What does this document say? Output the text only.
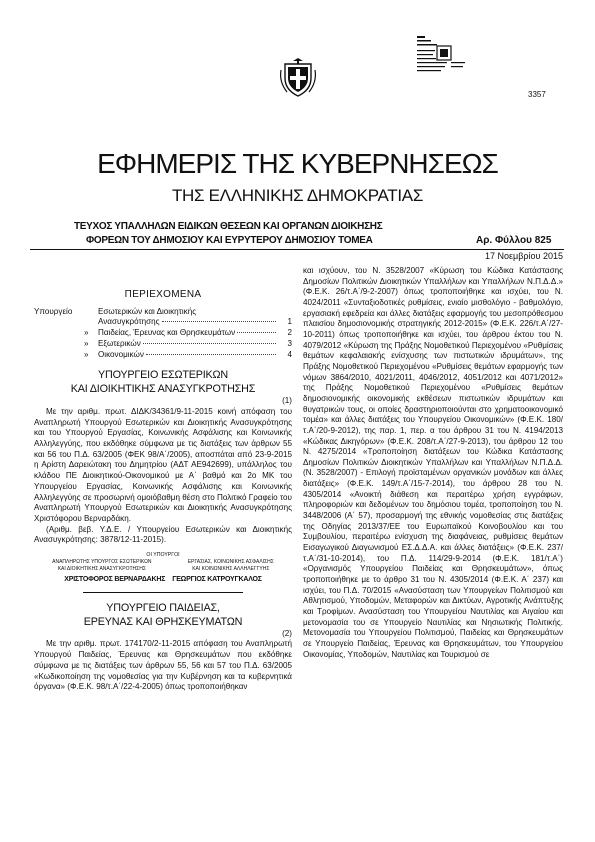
3357
ΕΦΗΜΕΡΙΣ ΤΗΣ ΚΥΒΕΡΝΗΣΕΩΣ
ΤΗΣ ΕΛΛΗΝΙΚΗΣ ΔΗΜΟΚΡΑΤΙΑΣ
ΤΕΥΧΟΣ ΥΠΑΛΛΗΛΩΝ ΕΙΔΙΚΩΝ ΘΕΣΕΩΝ ΚΑΙ ΟΡΓΑΝΩΝ ΔΙΟΙΚΗΣΗΣ
ΦΟΡΕΩΝ ΤΟΥ ΔΗΜΟΣΙΟΥ ΚΑΙ ΕΥΡΥΤΕΡΟΥ ΔΗΜΟΣΙΟΥ ΤΟΜΕΑ	Αρ. Φύλλου 825
17 Νοεμβρίου 2015
ΠΕΡΙΕΧΟΜΕΝΑ
Υπουργείο	Εσωτερικών και Διοικητικής
Ανασυγκρότησης	1
»	Παιδείας, Έρευνας και Θρησκευμάτων	2
»	Εξωτερικών	3
»	Οικονομικών	4
ΥΠΟΥΡΓΕΙΟ ΕΣΩΤΕΡΙΚΩΝ
ΚΑΙ ΔΙΟΙΚΗΤΙΚΗΣ ΑΝΑΣΥΓΚΡΟΤΗΣΗΣ
(1)
Με την αριθμ. πρωτ. ΔΙΔΚ/34361/9-11-2015 κοινή απόφαση του Αναπληρωτή Υπουργού Εσωτερικών και Διοικητικής Ανασυγκρότησης και του Υπουργού Εργασίας, Κοινωνικής Ασφάλισης και Κοινωνικής Αλληλεγγύης, που εκδόθηκε σύμφωνα με τις διατάξεις των άρθρων 55 και 56 του Π.Δ. 63/2005 (ΦΕΚ 98/Α΄/2005), αποσπάται από 23-9-2015 η Αρίστη Δαρειώτακη του Δημητρίου (ΑΔΤ ΑΕ942699), υπάλληλος του κλάδου ΠΕ Διοικητικού-Οικονομικού με Α΄ βαθμό και 2ο ΜΚ του Υπουργείου Εργασίας, Κοινωνικής Ασφάλισης και Κοινωνικής Αλληλεγγύης σε προσωρινή ομοιόβαθμη θέση στο Πολιτικό Γραφείο του Αναπληρωτή Υπουργού Εσωτερικών και Διοικητικής Ανασυγκρότησης Χριστόφορου Βερναρδάκη.
(Αριθμ. βεβ. Υ.Δ.Ε. / Υπουργείου Εσωτερικών και Διοικητικής Ανασυγκρότησης: 3878/12-11-2015).
ΟΙ ΥΠΟΥΡΓΟΙ
ΑΝΑΠΛΗΡΩΤΗΣ ΥΠΟΥΡΓΟΣ ΕΣΩΤΕΡΙΚΩΝ
ΚΑΙ ΔΙΟΙΚΗΤΙΚΗΣ ΑΝΑΣΥΓΚΡΟΤΗΣΗΣ
ΕΡΓΑΣΙΑΣ, ΚΟΙΝΩΝΙΚΗΣ ΑΣΦΑΛΙΣΗΣ
ΚΑΙ ΚΟΙΝΩΝΙΚΗΣ ΑΛΛΗΛΕΓΓΥΗΣ
ΧΡΙΣΤΟΦΟΡΟΣ ΒΕΡΝΑΡΔΑΚΗΣ    ΓΕΩΡΓΙΟΣ ΚΑΤΡΟΥΓΚΑΛΟΣ
ΥΠΟΥΡΓΕΙΟ ΠΑΙΔΕΙΑΣ,
ΕΡΕΥΝΑΣ ΚΑΙ ΘΡΗΣΚΕΥΜΑΤΩΝ
(2)
Με την αριθμ. πρωτ. 174170/2-11-2015 απόφαση του Αναπληρωτή Υπουργού Παιδείας, Έρευνας και Θρησκευμάτων που εκδόθηκε σύμφωνα με τις διατάξεις των άρθρων 55, 56 και 57 του Π.Δ. 63/2005 «Κωδικοποίηση της νομοθεσίας για την Κυβέρνηση και τα κυβερνητικά όργανα» (Φ.Ε.Κ. 98/τ.Α΄/22-4-2005) όπως τροποποιήθηκαν
και ισχύουν, του Ν. 3528/2007 «Κύρωση του Κώδικα Κατάστασης Δημοσίων Πολιτικών Διοικητικών Υπαλλήλων και Υπαλλήλων Ν.Π.Δ.Δ.» (Φ.Ε.Κ. 26/τ.Α΄/9-2-2007) όπως τροποποιήθηκε και ισχύει, του Ν. 4024/2011 «Συνταξιοδοτικές ρυθμίσεις, ενιαίο μισθολόγιο - βαθμολόγιο, εργασιακή εφεδρεία και άλλες διατάξεις εφαρμογής του μεσοπρόθεσμου πλαισίου δημοσιονομικής στρατηγικής 2012-2015» (Φ.Ε.Κ. 226/τ.Α΄/27-10-2011) όπως τροποποιήθηκε και ισχύει, του άρθρου έκτου του Ν. 4079/2012 «Κύρωση της Πράξης Νομοθετικού Περιεχομένου «Ρυθμίσεις θεμάτων κεφαλαιακής ενίσχυσης των πιστωτικών ιδρυμάτων», της Πράξης Νομοθετικού Περιεχομένου «Ρυθμίσεις θεμάτων εφαρμογής των νόμων 3864/2010, 4021/2011, 4046/2012, 4051/2012 και 4071/2012» της Πράξης Νομοθετικού Περιεχομένου «Ρυθμίσεις θεμάτων δημοσιονομικής οικονομικής εκθέσεων πιστωτικών ιδρυμάτων και θυγατρικών τους, οι οποίες δραστηριοποιούνται στο χρηματοοικονομικό τομέα» και άλλες διατάξεις του Υπουργείου Οικονομικών» (Φ.Ε.Κ. 180/τ.Α΄/20-9-2012), της παρ. 1, περ. α του άρθρου 31 του Ν. 4194/2013 «Κώδικας Δικηγόρων» (Φ.Ε.Κ. 208/τ.Α΄/27-9-2013), του άρθρου 12 του Ν. 4275/2014 «Τροποποίηση διατάξεων του Κώδικα Κατάστασης Δημοσίων Πολιτικών Διοικητικών Υπαλλήλων και Υπαλλήλων Ν.Π.Δ.Δ. (Ν. 3528/2007) - Επιλογή προϊσταμένων οργανικών μονάδων και άλλες διατάξεις» (Φ.Ε.Κ. 149/τ.Α΄/15-7-2014), του άρθρου 28 του Ν. 4305/2014 «Ανοικτή διάθεση και περαιτέρω χρήση εγγράφων, πληροφοριών και δεδομένων του δημόσιου τομέα, τροποποίηση του Ν. 3448/2006 (Α΄ 57), προσαρμογή της εθνικής νομοθεσίας στις διατάξεις της Οδηγίας 2013/37/ΕΕ του Ευρωπαϊκού Κοινοβουλίου και του Συμβουλίου, περαιτέρω ενίσχυση της διαφάνειας, ρυθμίσεις θεμάτων Εισαγωγικού Διαγωνισμού ΕΣ.Δ.Δ.Α. και άλλες διατάξεις» (Φ.Ε.Κ. 237/τ.Α΄/31-10-2014), του Π.Δ. 114/29-9-2014 (Φ.Ε.Κ. 181/τ.Α΄) «Οργανισμός Υπουργείου Παιδείας και Θρησκευμάτων», όπως τροποποιήθηκε με το άρθρο 31 του Ν. 4305/2014 (Φ.Ε.Κ. Α΄ 237) και ισχύει, του Π.Δ. 70/2015 «Ανασύσταση των Υπουργείων Πολιτισμού και Αθλητισμού, Υποδομών, Μεταφορών και Δικτύων, Αγροτικής Ανάπτυξης και Τροφίμων. Ανασύσταση του Υπουργείου Ναυτιλίας και Αιγαίου και μετονομασία του σε Υπουργείο Ναυτιλίας και Νησιωτικής Πολιτικής. Μετονομασία του Υπουργείου Πολιτισμού, Παιδείας και Θρησκευμάτων σε Υπουργείο Παιδείας, Έρευνας και Θρησκευμάτων, του Υπουργείου Οικονομίας, Υποδομών, Ναυτιλίας και Τουρισμού σε
